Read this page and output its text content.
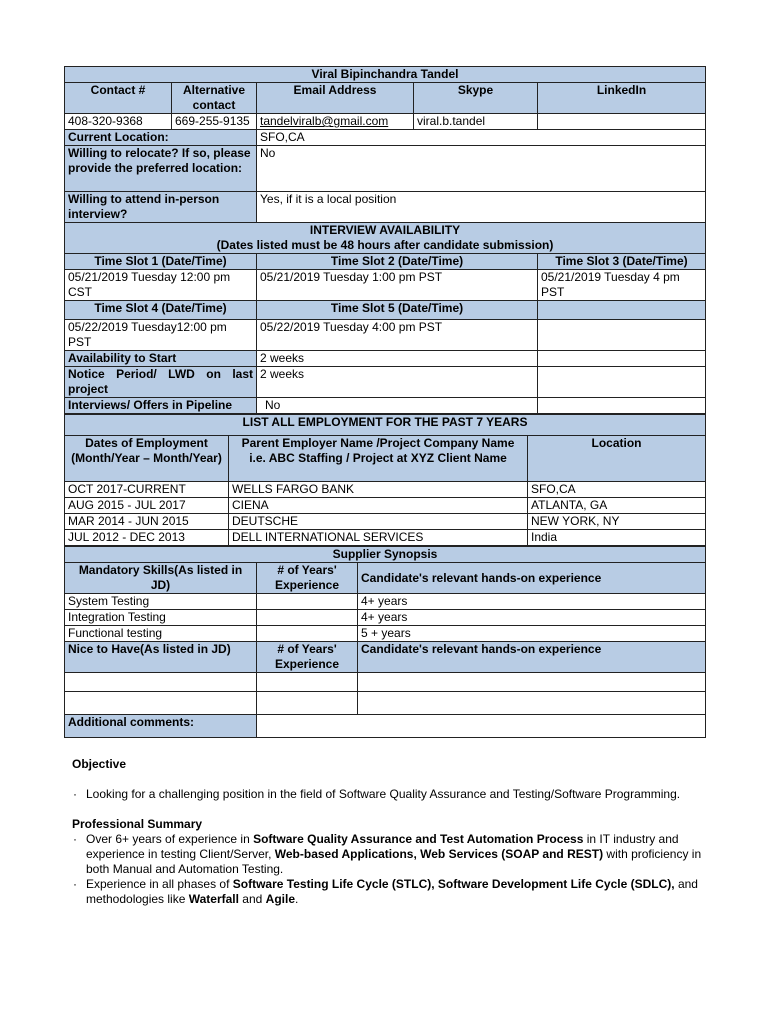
Viral Bipinchandra Tandel				
Contact #	Alternative contact	Email Address	Skype	LinkedIn
408-320-9368	669-255-9135	tandelviralb@gmail.com	viral.b.tandel	
Current Location:		SFO,CA		
Willing to relocate? If so, please provide the preferred location:		No		
Willing to attend in-person interview?		Yes, if it is a local position		

INTERVIEW AVAILABILITY
(Dates listed must be 48 hours after candidate submission)				

Time Slot 1 (Date/Time)		Time Slot 2 (Date/Time)		Time Slot 3 (Date/Time)
05/21/2019 Tuesday 12:00 pm CST		05/21/2019 Tuesday 1:00 pm PST		05/21/2019 Tuesday 4 pm PST
Time Slot 4 (Date/Time)		Time Slot 5 (Date/Time)		
05/22/2019 Tuesday12:00 pm PST		05/22/2019 Tuesday 4:00 pm PST		
Availability to Start		2 weeks		
Notice Period/ LWD on last project		2 weeks		
Interviews/ Offers in Pipeline		No		
LIST ALL EMPLOYMENT FOR THE PAST 7 YEARS		
Dates of Employment (Month/Year – Month/Year)	Parent Employer Name /Project Company Name i.e. ABC Staffing / Project at XYZ Client Name	Location
OCT 2017-CURRENT	WELLS FARGO BANK	SFO,CA
AUG 2015 - JUL 2017	CIENA	ATLANTA, GA
MAR 2014 - JUN 2015	DEUTSCHE	NEW YORK, NY
JUL 2012 - DEC 2013	DELL INTERNATIONAL SERVICES	India
Supplier Synopsis		
Mandatory Skills(As listed in JD)	# of Years' Experience	Candidate's relevant hands-on experience
System Testing		4+ years
Integration Testing		4+ years
Functional testing		5 + years
Nice to Have(As listed in JD)	# of Years' Experience	Candidate's relevant hands-on experience

Additional comments:		
Objective
· Looking for a challenging position in the field of Software Quality Assurance and Testing/Software Programming.
Professional Summary
· Over 6+ years of experience in Software Quality Assurance and Test Automation Process in IT industry and experience in testing Client/Server, Web-based Applications, Web Services (SOAP and REST) with proficiency in both Manual and Automation Testing.
· Experience in all phases of Software Testing Life Cycle (STLC), Software Development Life Cycle (SDLC), and methodologies like Waterfall and Agile.
